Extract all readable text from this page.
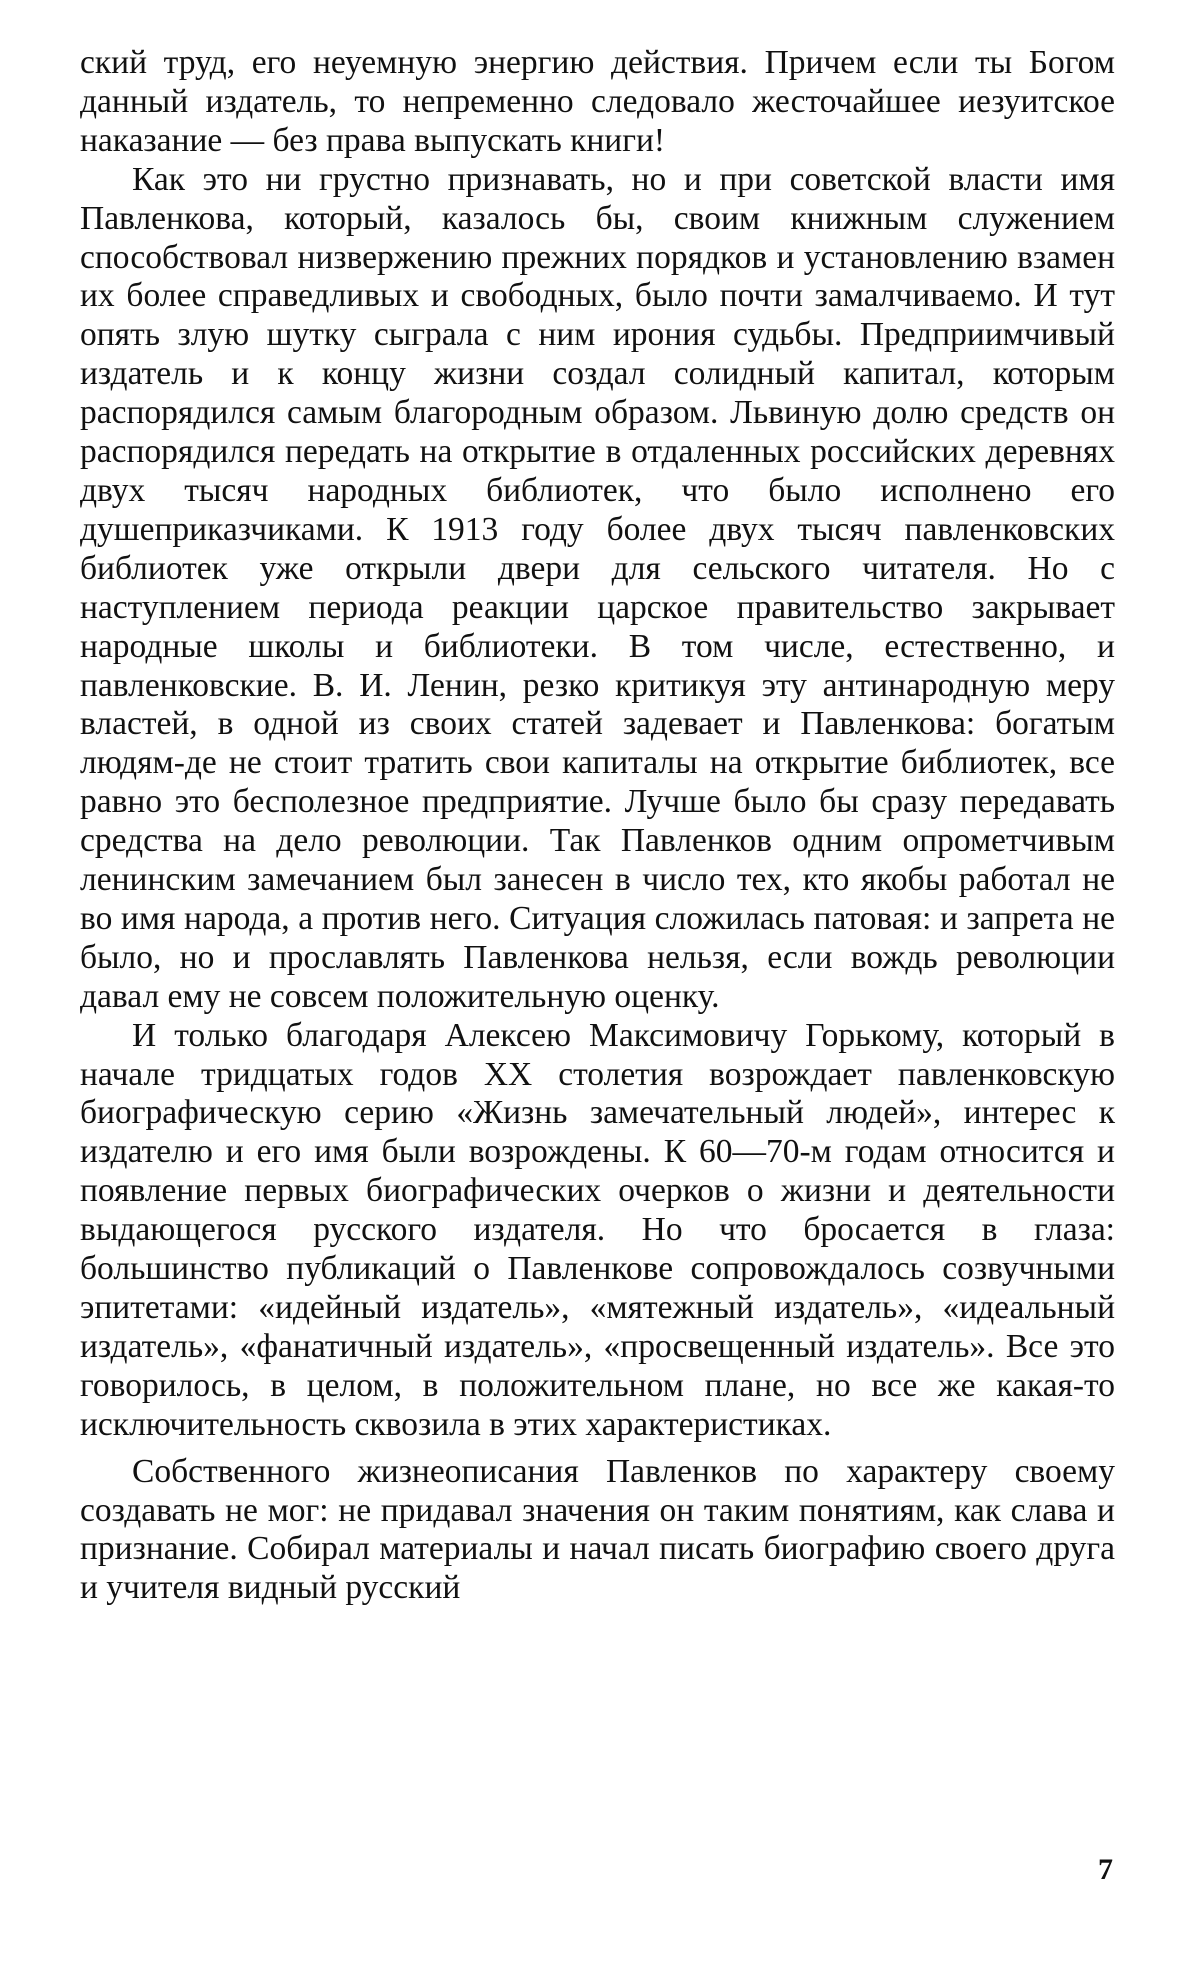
ский труд, его неуемную энергию действия. Причем если ты Богом данный издатель, то непременно следовало жесточайшее иезуитское наказание — без права выпускать книги!

Как это ни грустно признавать, но и при советской власти имя Павленкова, который, казалось бы, своим книжным служением способствовал низвержению прежних порядков и установлению взамен их более справедливых и свободных, было почти замалчиваемо. И тут опять злую шутку сыграла с ним ирония судьбы. Предприимчивый издатель и к концу жизни создал солидный капитал, которым распорядился самым благородным образом. Львиную долю средств он распорядился передать на открытие в отдаленных российских деревнях двух тысяч народных библиотек, что было исполнено его душеприказчиками. К 1913 году более двух тысяч павленковских библиотек уже открыли двери для сельского читателя. Но с наступлением периода реакции царское правительство закрывает народные школы и библиотеки. В том числе, естественно, и павленковские. В. И. Ленин, резко критикуя эту антинародную меру властей, в одной из своих статей задевает и Павленкова: богатым людям-де не стоит тратить свои капиталы на открытие библиотек, все равно это бесполезное предприятие. Лучше было бы сразу передавать средства на дело революции. Так Павленков одним опрометчивым ленинским замечанием был занесен в число тех, кто якобы работал не во имя народа, а против него. Ситуация сложилась патовая: и запрета не было, но и прославлять Павленкова нельзя, если вождь революции давал ему не совсем положительную оценку.

И только благодаря Алексею Максимовичу Горькому, который в начале тридцатых годов XX столетия возрождает павленковскую биографическую серию «Жизнь замечательный людей», интерес к издателю и его имя были возрождены. К 60—70-м годам относится и появление первых биографических очерков о жизни и деятельности выдающегося русского издателя. Но что бросается в глаза: большинство публикаций о Павленкове сопровождалось созвучными эпитетами: «идейный издатель», «мятежный издатель», «идеальный издатель», «фанатичный издатель», «просвещенный издатель». Все это говорилось, в целом, в положительном плане, но все же какая-то исключительность сквозила в этих характеристиках.

Собственного жизнеописания Павленков по характеру своему создавать не мог: не придавал значения он таким понятиям, как слава и признание. Собирал материалы и начал писать биографию своего друга и учителя видный русский

7
